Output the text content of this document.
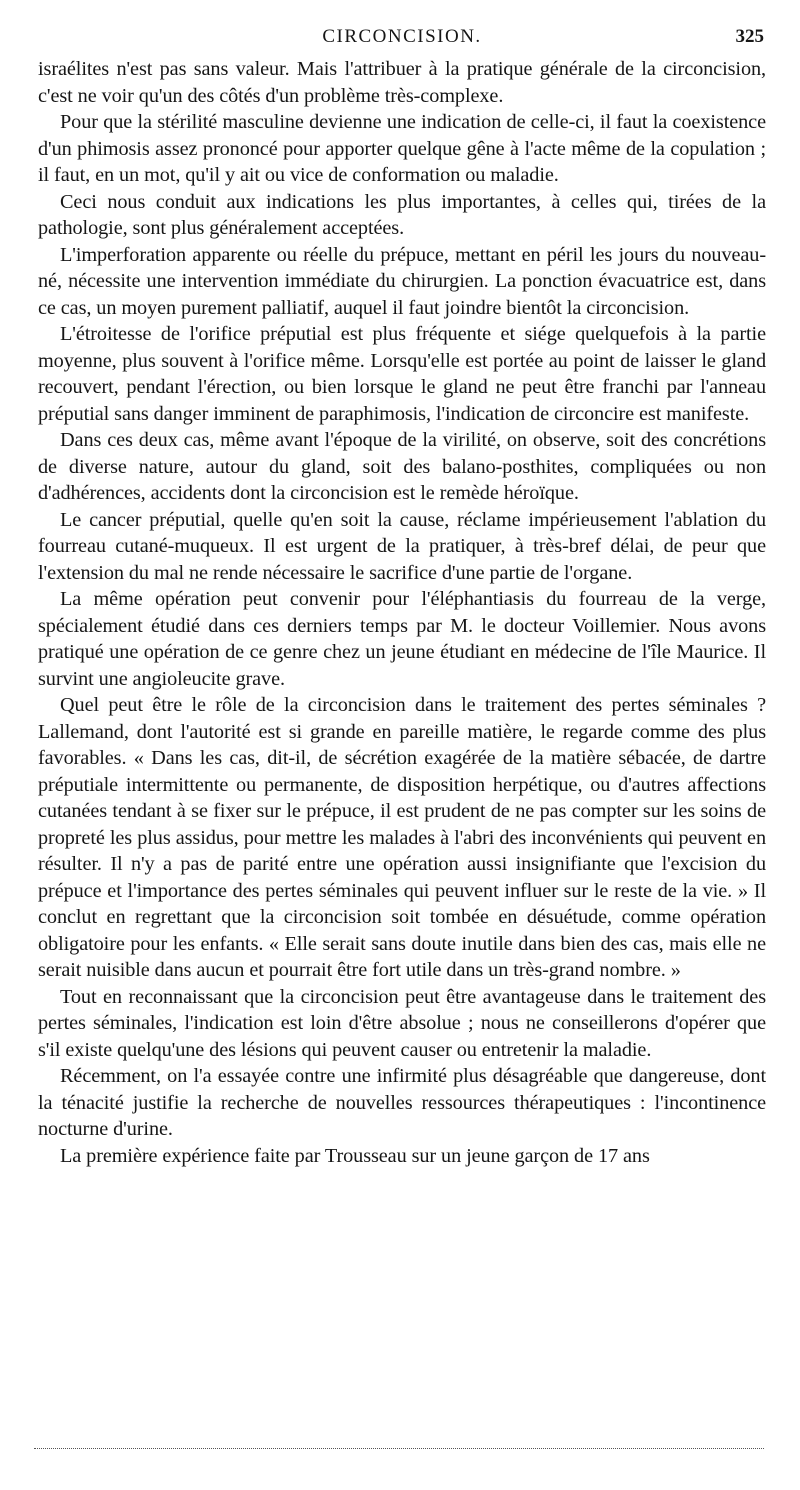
CIRCONCISION.	325

israélites n'est pas sans valeur. Mais l'attribuer à la pratique générale de la circoncision, c'est ne voir qu'un des côtés d'un problème très-complexe.

Pour que la stérilité masculine devienne une indication de celle-ci, il faut la coexistence d'un phimosis assez prononcé pour apporter quelque gêne à l'acte même de la copulation ; il faut, en un mot, qu'il y ait ou vice de conformation ou maladie.

Ceci nous conduit aux indications les plus importantes, à celles qui, tirées de la pathologie, sont plus généralement acceptées.

L'imperforation apparente ou réelle du prépuce, mettant en péril les jours du nouveau-né, nécessite une intervention immédiate du chirurgien. La ponction évacuatrice est, dans ce cas, un moyen purement palliatif, auquel il faut joindre bientôt la circoncision.

L'étroitesse de l'orifice préputial est plus fréquente et siége quelquefois à la partie moyenne, plus souvent à l'orifice même. Lorsqu'elle est portée au point de laisser le gland recouvert, pendant l'érection, ou bien lorsque le gland ne peut être franchi par l'anneau préputial sans danger imminent de paraphimosis, l'indication de circoncire est manifeste.

Dans ces deux cas, même avant l'époque de la virilité, on observe, soit des concrétions de diverse nature, autour du gland, soit des balano-posthites, compliquées ou non d'adhérences, accidents dont la circoncision est le remède héroïque.

Le cancer préputial, quelle qu'en soit la cause, réclame impérieusement l'ablation du fourreau cutané-muqueux. Il est urgent de la pratiquer, à très-bref délai, de peur que l'extension du mal ne rende nécessaire le sacrifice d'une partie de l'organe.

La même opération peut convenir pour l'éléphantiasis du fourreau de la verge, spécialement étudié dans ces derniers temps par M. le docteur Voillemier. Nous avons pratiqué une opération de ce genre chez un jeune étudiant en médecine de l'île Maurice. Il survint une angioleucite grave.

Quel peut être le rôle de la circoncision dans le traitement des pertes séminales ? Lallemand, dont l'autorité est si grande en pareille matière, le regarde comme des plus favorables. « Dans les cas, dit-il, de sécrétion exagérée de la matière sébacée, de dartre préputiale intermittente ou permanente, de disposition herpétique, ou d'autres affections cutanées tendant à se fixer sur le prépuce, il est prudent de ne pas compter sur les soins de propreté les plus assidus, pour mettre les malades à l'abri des inconvénients qui peuvent en résulter. Il n'y a pas de parité entre une opération aussi insignifiante que l'excision du prépuce et l'importance des pertes séminales qui peuvent influer sur le reste de la vie. » Il conclut en regrettant que la circoncision soit tombée en désuétude, comme opération obligatoire pour les enfants. « Elle serait sans doute inutile dans bien des cas, mais elle ne serait nuisible dans aucun et pourrait être fort utile dans un très-grand nombre. »

Tout en reconnaissant que la circoncision peut être avantageuse dans le traitement des pertes séminales, l'indication est loin d'être absolue ; nous ne conseillerons d'opérer que s'il existe quelqu'une des lésions qui peuvent causer ou entretenir la maladie.

Récemment, on l'a essayée contre une infirmité plus désagréable que dangereuse, dont la ténacité justifie la recherche de nouvelles ressources thérapeutiques : l'incontinence nocturne d'urine.

La première expérience faite par Trousseau sur un jeune garçon de 17 ans
